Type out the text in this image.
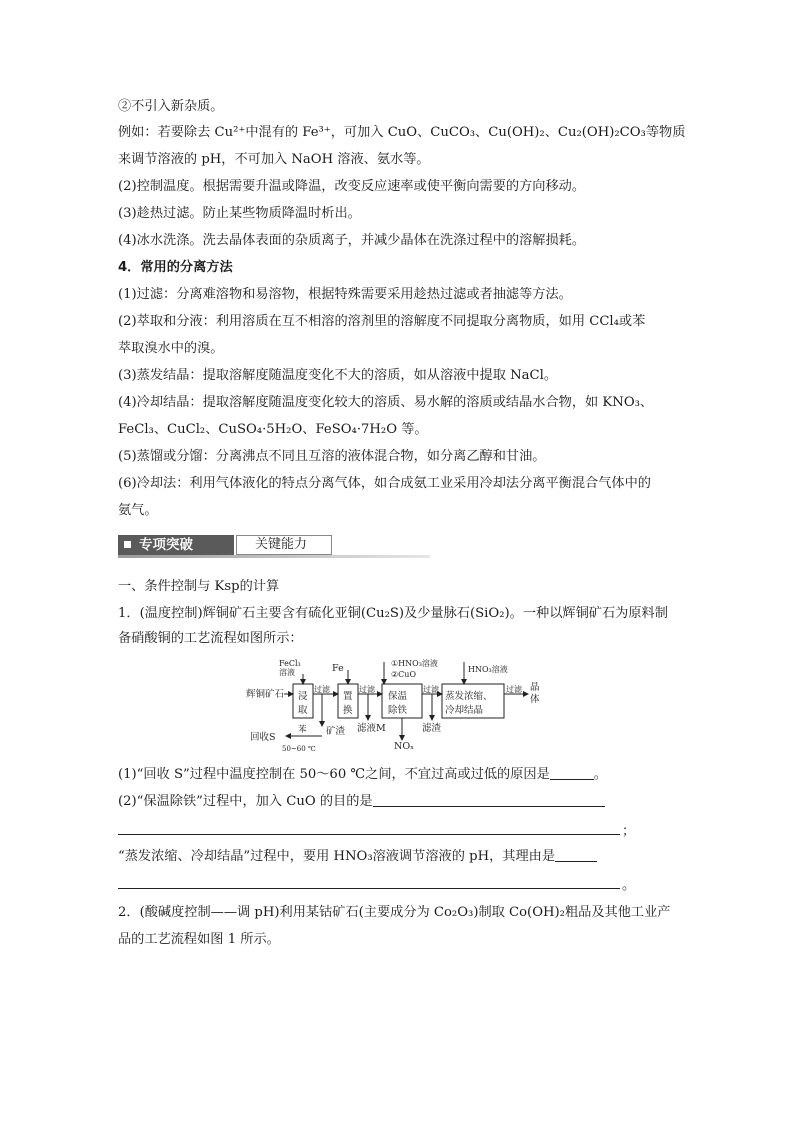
②不引入新杂质。
例如：若要除去 Cu²⁺中混有的 Fe³⁺，可加入 CuO、CuCO₃、Cu(OH)₂、Cu₂(OH)₂CO₃等物质
来调节溶液的 pH，不可加入 NaOH 溶液、氨水等。
(2)控制温度。根据需要升温或降温，改变反应速率或使平衡向需要的方向移动。
(3)趁热过滤。防止某些物质降温时析出。
(4)冰水洗涤。洗去晶体表面的杂质离子，并减少晶体在洗涤过程中的溶解损耗。
4．常用的分离方法
(1)过滤：分离难溶物和易溶物，根据特殊需要采用趁热过滤或者抽滤等方法。
(2)萃取和分液：利用溶质在互不相溶的溶剂里的溶解度不同提取分离物质，如用 CCl₄或苯
萃取溴水中的溴。
(3)蒸发结晶：提取溶解度随温度变化不大的溶质，如从溶液中提取 NaCl。
(4)冷却结晶：提取溶解度随温度变化较大的溶质、易水解的溶质或结晶水合物，如 KNO₃、
FeCl₃、CuCl₂、CuSO₄·5H₂O、FeSO₄·7H₂O 等。
(5)蒸馏或分馏：分离沸点不同且互溶的液体混合物，如分离乙醇和甘油。
(6)冷却法：利用气体液化的特点分离气体，如合成氨工业采用冷却法分离平衡混合气体中的
氨气。
专项突破	关键能力
一、条件控制与 Ksp的计算
1．(温度控制)辉铜矿石主要含有硫化亚铜(Cu₂S)及少量脉石(SiO₂)。一种以辉铜矿石为原料制
备硝酸铜的工艺流程如图所示：
辉铜矿石
FeCl₃
溶液	Fe	①HNO₃溶液
②CuO
HNO₃溶液
浸
取
置
换
保温
除铁
蒸发浓缩、
冷却结晶
过滤	过滤	过滤	过滤 晶
体
矿渣
苯
回收S
50~60 ℃
滤液M
NOₓ
滤渣
(1)“回收 S”过程中温度控制在 50～60 ℃之间，不宜过高或过低的原因是	。
(2)“保温除铁”过程中，加入 CuO 的目的是
；
“蒸发浓缩、冷却结晶”过程中，要用 HNO₃溶液调节溶液的 pH，其理由是
。
2．(酸碱度控制——调 pH)利用某钴矿石(主要成分为 Co₂O₃)制取 Co(OH)₂粗品及其他工业产
品的工艺流程如图 1 所示。
